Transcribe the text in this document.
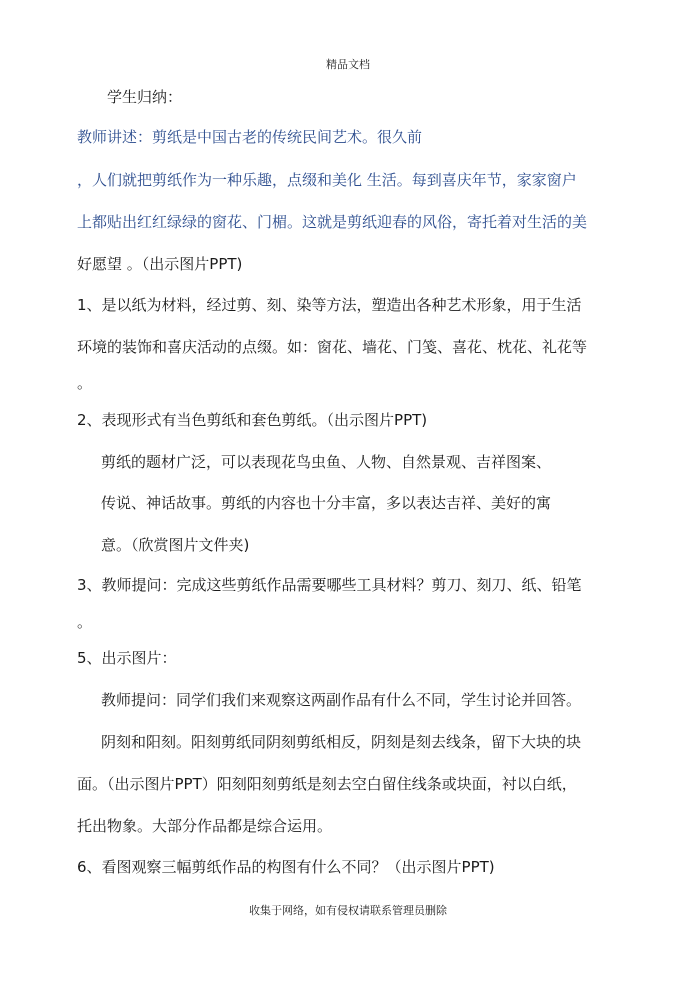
精品文档
学生归纳：
教师讲述：剪纸是中国古老的传统民间艺术。很久前
，人们就把剪纸作为一种乐趣，点缀和美化 生活。每到喜庆年节，家家窗户
上都贴出红红绿绿的窗花、门楣。这就是剪纸迎春的风俗，寄托着对生活的美
好愿望 。（出示图片PPT)
1、是以纸为材料，经过剪、刻、染等方法，塑造出各种艺术形象，用于生活
环境的装饰和喜庆活动的点缀。如：窗花、墙花、门笺、喜花、枕花、礼花等
。
2、表现形式有当色剪纸和套色剪纸。（出示图片PPT)
剪纸的题材广泛，可以表现花鸟虫鱼、人物、自然景观、吉祥图案、
传说、神话故事。剪纸的内容也十分丰富，多以表达吉祥、美好的寓
意。（欣赏图片文件夹)
3、教师提问：完成这些剪纸作品需要哪些工具材料？剪刀、刻刀、纸、铅笔
。
5、出示图片：
教师提问：同学们我们来观察这两副作品有什么不同，学生讨论并回答。
阴刻和阳刻。阳刻剪纸同阴刻剪纸相反，阴刻是刻去线条，留下大块的块
面。（出示图片PPT）阳刻阳刻剪纸是刻去空白留住线条或块面，衬以白纸，
托出物象。大部分作品都是综合运用。
6、看图观察三幅剪纸作品的构图有什么不同？（出示图片PPT)
收集于网络，如有侵权请联系管理员删除
